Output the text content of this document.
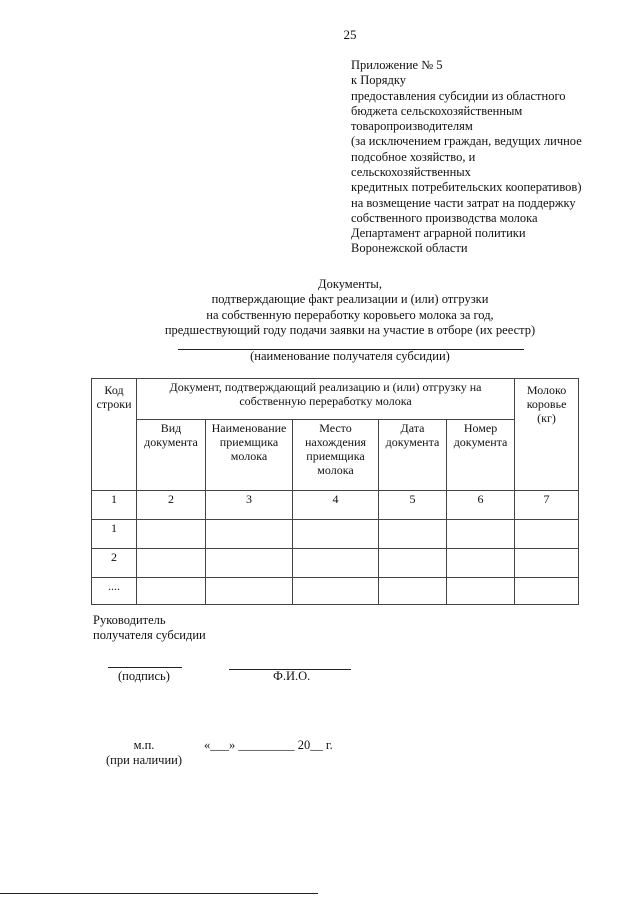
25
Приложение № 5
к Порядку
предоставления субсидии из областного
бюджета сельскохозяйственным
товаропроизводителям
(за исключением граждан, ведущих личное
подсобное хозяйство, и
сельскохозяйственных
кредитных потребительских кооперативов)
на возмещение части затрат на поддержку
собственного производства молока
Департамент аграрной политики
Воронежской области
Документы,
подтверждающие факт реализации и (или) отгрузки
на собственную переработку коровьего молока за год,
предшествующий году подачи заявки на участие в отборе (их реестр)
(наименование получателя субсидии)
Код строки	Документ, подтверждающий реализацию и (или) отгрузку на собственную переработку молока					Молоко коровье (кг)
	Вид документа	Наименование приемщика молока	Место нахождения приемщика молока	Дата документа	Номер документа	
1	2	3	4	5	6	7
1						
2						
....						
Руководитель
получателя субсидии
(подпись)	Ф.И.О.
м.п.
(при наличии)
«___» _________ 20__ г.
